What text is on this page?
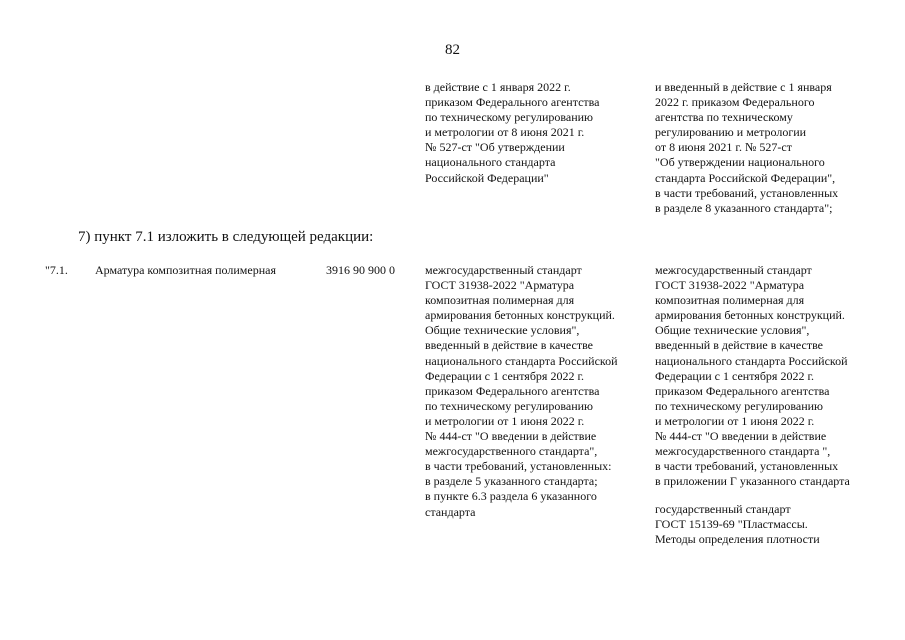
82
в действие с 1 января 2022 г.
приказом Федерального агентства
по техническому регулированию
и метрологии от 8 июня 2021 г.
№ 527-ст "Об утверждении
национального стандарта
Российской Федерации"
и введенный в действие с 1 января
2022 г. приказом Федерального
агентства по техническому
регулированию и метрологии
от 8 июня 2021 г. № 527-ст
"Об утверждении национального
стандарта Российской Федерации",
в части требований, установленных
в разделе 8 указанного стандарта";
7) пункт 7.1 изложить в следующей редакции:
"7.1. Арматура композитная полимерная	3916 90 900 0	межгосударственный стандарт
ГОСТ 31938-2022 "Арматура
композитная полимерная для
армирования бетонных конструкций.
Общие технические условия",
введенный в действие в качестве
национального стандарта Российской
Федерации с 1 сентября 2022 г.
приказом Федерального агентства
по техническому регулированию
и метрологии от 1 июня 2022 г.
№ 444-ст "О введении в действие
межгосударственного стандарта",
в части требований, установленных:
в разделе 5 указанного стандарта;
в пункте 6.3 раздела 6 указанного
стандарта
межгосударственный стандарт
ГОСТ 31938-2022 "Арматура
композитная полимерная для
армирования бетонных конструкций.
Общие технические условия",
введенный в действие в качестве
национального стандарта Российской
Федерации с 1 сентября 2022 г.
приказом Федерального агентства
по техническому регулированию
и метрологии от 1 июня 2022 г.
№ 444-ст "О введении в действие
межгосударственного стандарта ",
в части требований, установленных
в приложении Г указанного стандарта
государственный стандарт
ГОСТ 15139-69 "Пластмассы.
Методы определения плотности
